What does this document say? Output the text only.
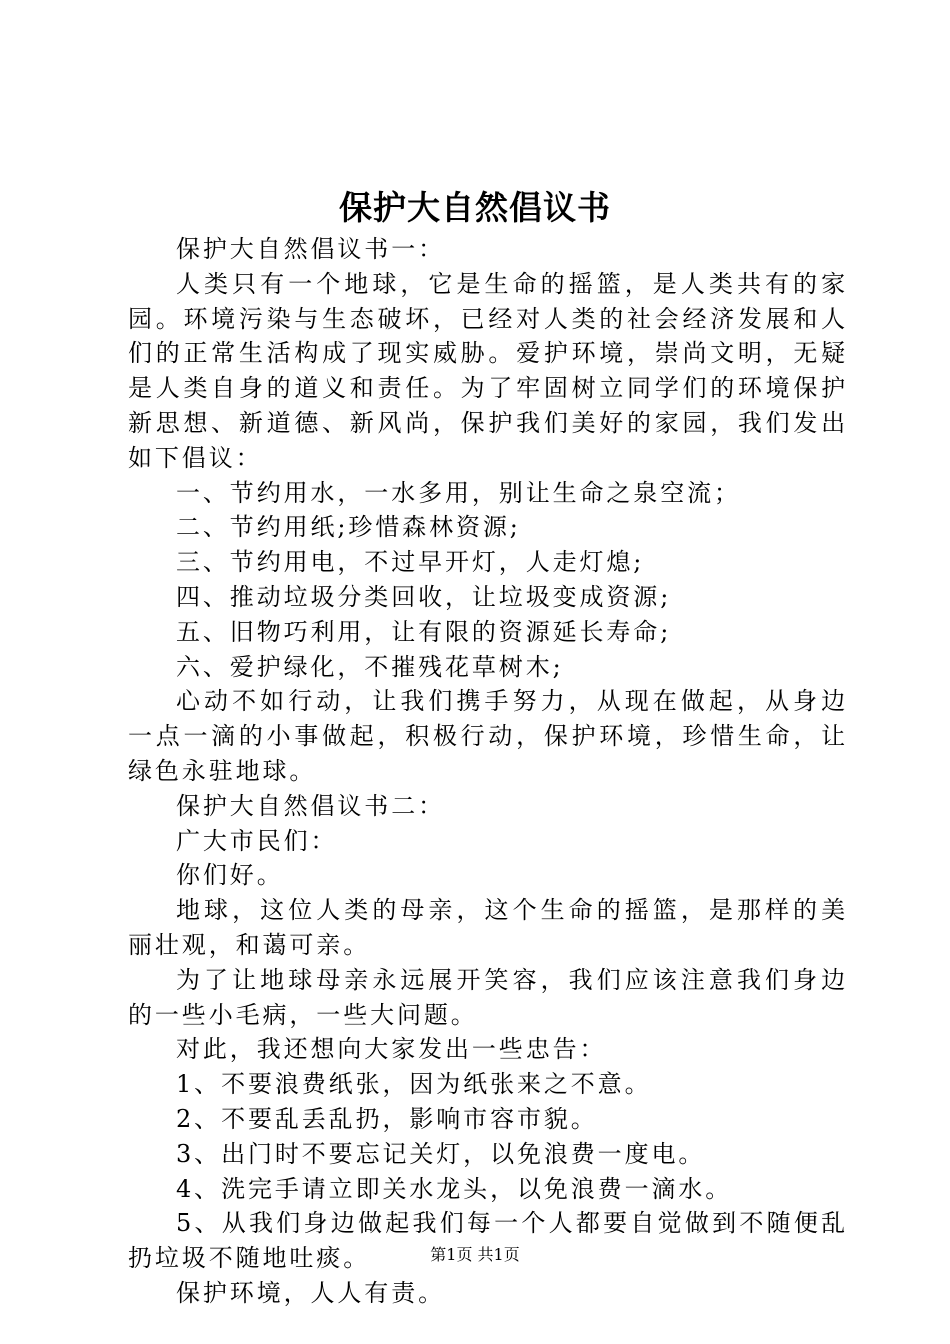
保护大自然倡议书

保护大自然倡议书一：

人类只有一个地球，它是生命的摇篮，是人类共有的家园。环境污染与生态破坏，已经对人类的社会经济发展和人们的正常生活构成了现实威胁。爱护环境，崇尚文明，无疑是人类自身的道义和责任。为了牢固树立同学们的环境保护新思想、新道德、新风尚，保护我们美好的家园，我们发出如下倡议：

一、节约用水，一水多用，别让生命之泉空流；

二、节约用纸;珍惜森林资源;

三、节约用电，不过早开灯，人走灯熄;

四、推动垃圾分类回收，让垃圾变成资源;

五、旧物巧利用，让有限的资源延长寿命;

六、爱护绿化，不摧残花草树木;

心动不如行动，让我们携手努力，从现在做起，从身边一点一滴的小事做起，积极行动，保护环境，珍惜生命，让绿色永驻地球。

保护大自然倡议书二：

广大市民们：

你们好。

地球，这位人类的母亲，这个生命的摇篮，是那样的美丽壮观，和蔼可亲。

为了让地球母亲永远展开笑容，我们应该注意我们身边的一些小毛病，一些大问题。

对此，我还想向大家发出一些忠告：

1、不要浪费纸张，因为纸张来之不意。

2、不要乱丢乱扔，影响市容市貌。

3、出门时不要忘记关灯，以免浪费一度电。

4、洗完手请立即关水龙头，以免浪费一滴水。

5、从我们身边做起我们每一个人都要自觉做到不随便乱扔垃圾不随地吐痰。

保护环境，人人有责。

第1页 共1页
